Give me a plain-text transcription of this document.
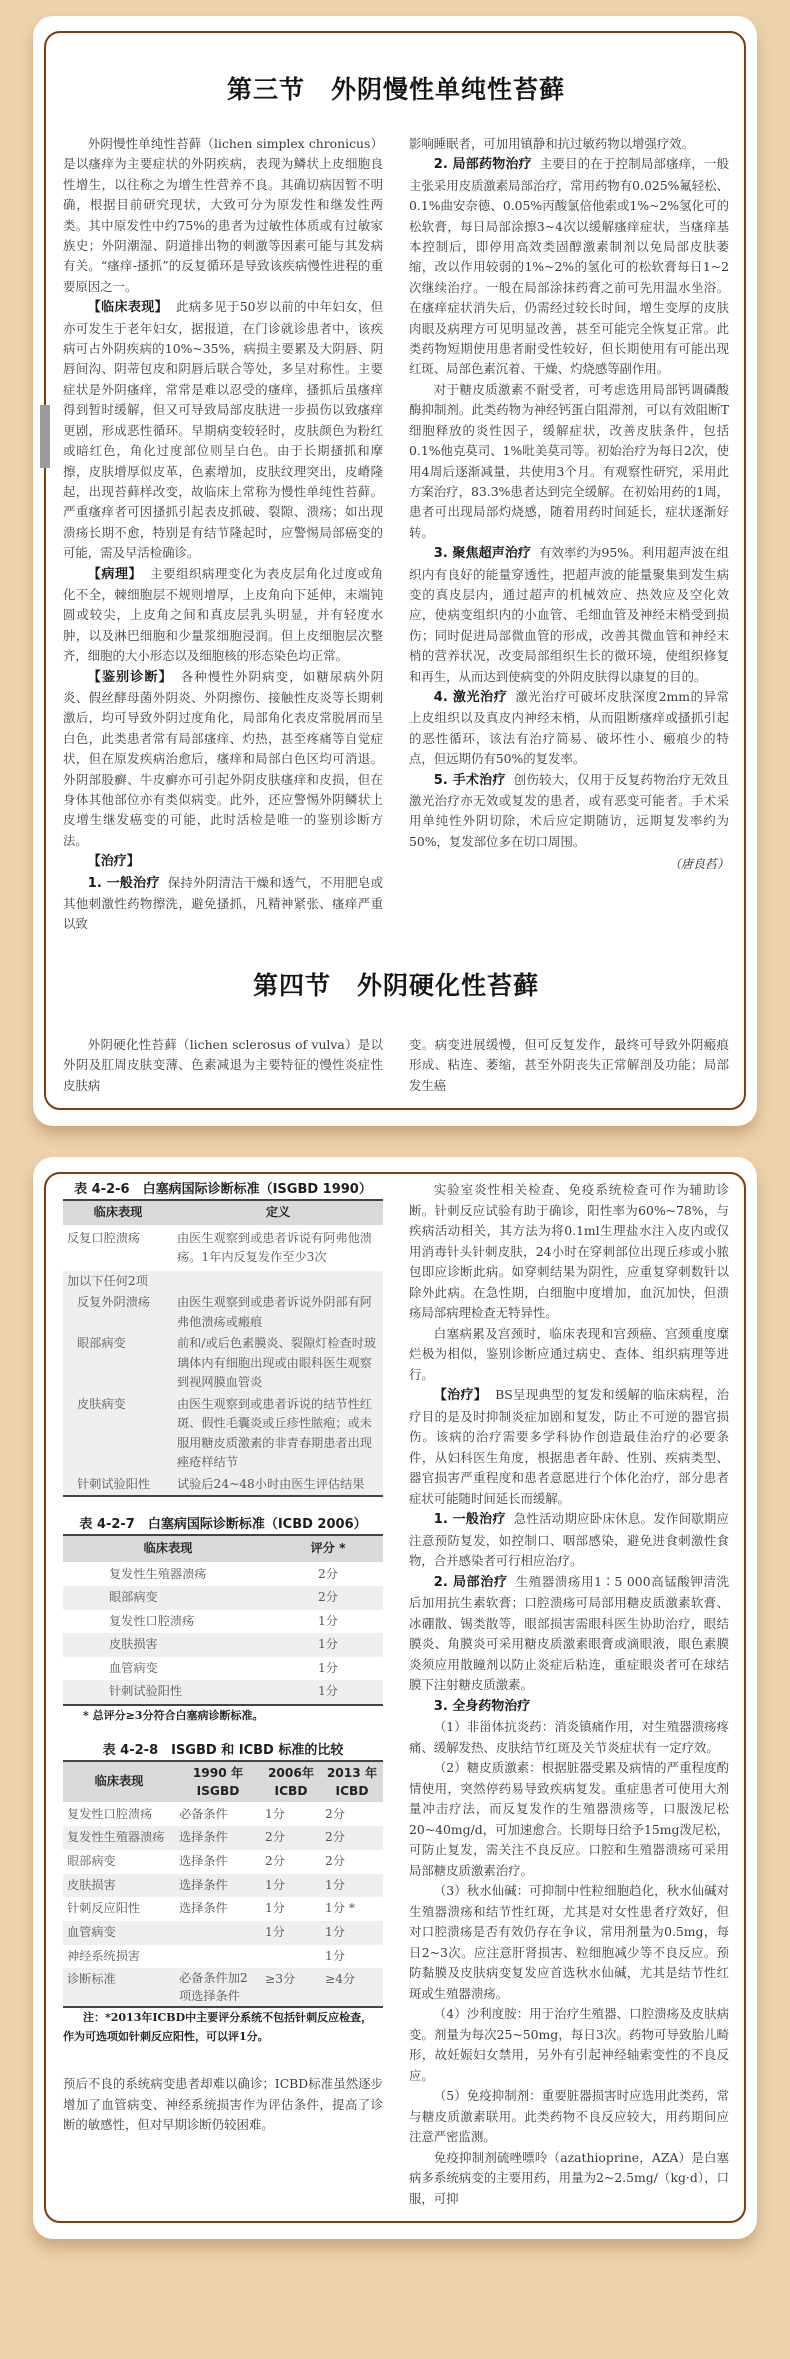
第三节 外阴慢性单纯性苔藓

外阴慢性单纯性苔藓（lichen simplex chronicus）是以瘙痒为主要症状的外阴疾病，表现为鳞状上皮细胞良性增生，以往称之为增生性营养不良。其确切病因暂不明确，根据目前研究现状，大致可分为原发性和继发性两类。其中原发性中约75%的患者为过敏性体质或有过敏家族史；外阴潮湿、阴道排出物的刺激等因素可能与其发病有关。“瘙痒-搔抓”的反复循环是导致该疾病慢性进程的重要原因之一。

【临床表现】 此病多见于50岁以前的中年妇女，但亦可发生于老年妇女，据报道，在门诊就诊患者中，该疾病可占外阴疾病的10%~35%，病损主要累及大阴唇、阴唇间沟、阴蒂包皮和阴唇后联合等处，多呈对称性。主要症状是外阴瘙痒，常常是难以忍受的瘙痒，搔抓后虽瘙痒得到暂时缓解，但又可导致局部皮肤进一步损伤以致瘙痒更剧，形成恶性循环。早期病变较轻时，皮肤颜色为粉红或暗红色，角化过度部位则呈白色。由于长期搔抓和摩擦，皮肤增厚似皮革，色素增加，皮肤纹理突出，皮嵴隆起，出现苔藓样改变，故临床上常称为慢性单纯性苔藓。严重瘙痒者可因搔抓引起表皮抓破、裂隙、溃疡；如出现溃疡长期不愈，特别是有结节隆起时，应警惕局部癌变的可能，需及早活检确诊。

【病理】 主要组织病理变化为表皮层角化过度或角化不全，棘细胞层不规则增厚，上皮角向下延伸，末端钝圆或较尖，上皮角之间和真皮层乳头明显，并有轻度水肿，以及淋巴细胞和少量浆细胞浸润。但上皮细胞层次整齐，细胞的大小形态以及细胞核的形态染色均正常。

【鉴别诊断】 各种慢性外阴病变，如糖尿病外阴炎、假丝酵母菌外阴炎、外阴擦伤、接触性皮炎等长期刺激后，均可导致外阴过度角化，局部角化表皮常脱屑而呈白色，此类患者常有局部瘙痒、灼热，甚至疼痛等自觉症状，但在原发疾病治愈后，瘙痒和局部白色区均可消退。外阴部股癣、牛皮癣亦可引起外阴皮肤瘙痒和皮损，但在身体其他部位亦有类似病变。此外，还应警惕外阴鳞状上皮增生继发癌变的可能，此时活检是唯一的鉴别诊断方法。

【治疗】

1. 一般治疗 保持外阴清洁干燥和透气，不用肥皂或其他刺激性药物擦洗，避免搔抓，凡精神紧张、瘙痒严重以致

影响睡眠者，可加用镇静和抗过敏药物以增强疗效。

2. 局部药物治疗 主要目的在于控制局部瘙痒，一般主张采用皮质激素局部治疗，常用药物有0.025%氟轻松、0.1%曲安奈德、0.05%丙酸氯倍他索或1%~2%氢化可的松软膏，每日局部涂擦3~4次以缓解瘙痒症状，当瘙痒基本控制后，即停用高效类固醇激素制剂以免局部皮肤萎缩，改以作用较弱的1%~2%的氢化可的松软膏每日1~2次继续治疗。一般在局部涂抹药膏之前可先用温水坐浴。在瘙痒症状消失后，仍需经过较长时间，增生变厚的皮肤肉眼及病理方可见明显改善，甚至可能完全恢复正常。此类药物短期使用患者耐受性较好，但长期使用有可能出现红斑、局部色素沉着、干燥、灼烧感等副作用。

对于糖皮质激素不耐受者，可考虑选用局部钙调磷酸酶抑制剂。此类药物为神经钙蛋白阻滞剂，可以有效阻断T细胞释放的炎性因子，缓解症状，改善皮肤条件，包括0.1%他克莫司、1%吡美莫司等。初始治疗为每日2次，使用4周后逐渐减量，共使用3个月。有观察性研究，采用此方案治疗，83.3%患者达到完全缓解。在初始用药的1周，患者可出现局部灼烧感，随着用药时间延长，症状逐渐好转。

3. 聚焦超声治疗 有效率约为95%。利用超声波在组织内有良好的能量穿透性，把超声波的能量聚集到发生病变的真皮层内，通过超声的机械效应、热效应及空化效应，使病变组织内的小血管、毛细血管及神经末梢受到损伤；同时促进局部微血管的形成，改善其微血管和神经末梢的营养状况，改变局部组织生长的微环境，使组织修复和再生，从而达到使病变的外阴皮肤得以康复的目的。

4. 激光治疗 激光治疗可破坏皮肤深度2mm的异常上皮组织以及真皮内神经末梢，从而阻断瘙痒或搔抓引起的恶性循环，该法有治疗简易、破坏性小、瘢痕少的特点，但远期仍有50%的复发率。

5. 手术治疗 创伤较大，仅用于反复药物治疗无效且激光治疗亦无效或复发的患者，或有恶变可能者。手术采用单纯性外阴切除，术后应定期随访，远期复发率约为50%，复发部位多在切口周围。

（唐良萏）
第四节 外阴硬化性苔藓

外阴硬化性苔藓（lichen sclerosus of vulva）是以外阴及肛周皮肤变薄、色素减退为主要特征的慢性炎症性皮肤病

变。病变进展缓慢，但可反复发作，最终可导致外阴瘢痕形成、粘连、萎缩，甚至外阴丧失正常解剖及功能；局部发生癌

表 4-2-6　白塞病国际诊断标准（ISGBD 1990）
临床表现	定义
反复口腔溃疡	由医生观察到或患者诉说有阿弗他溃疡。1年内反复发作至少3次
加以下任何2项	
反复外阴溃疡	由医生观察到或患者诉说外阴部有阿弗他溃疡或瘢痕
眼部病变	前和/或后色素膜炎、裂隙灯检查时玻璃体内有细胞出现或由眼科医生观察到视网膜血管炎
皮肤病变	由医生观察到或患者诉说的结节性红斑、假性毛囊炎或丘疹性脓疱；或未服用糖皮质激素的非青春期患者出现痤疮样结节
针刺试验阳性	试验后24~48小时由医生评估结果
表 4-2-7　白塞病国际诊断标准（ICBD 2006）
临床表现	评分 *
复发性生殖器溃疡	2分
眼部病变	2分
复发性口腔溃疡	1分
皮肤损害	1分
血管病变	1分
针刺试验阳性	1分
* 总评分≥3分符合白塞病诊断标准。
表 4-2-8　ISGBD 和 ICBD 标准的比较
临床表现	1990 年 ISGBD	2006年 ICBD	2013 年 ICBD
复发性口腔溃疡	必备条件	1分	2分
复发性生殖器溃疡	选择条件	2分	2分
眼部病变	选择条件	2分	2分
皮肤损害	选择条件	1分	1分
针刺反应阳性	选择条件	1分	1分 *
血管病变		1分	1分
神经系统损害			1分
诊断标准	必备条件加2项选择条件	≥3分	≥4分
注：*2013年ICBD中主要评分系统不包括针刺反应检查，作为可选项如针刺反应阳性，可以评1分。

预后不良的系统病变患者却难以确诊；ICBD标准虽然逐步增加了血管病变、神经系统损害作为评估条件，提高了诊断的敏感性，但对早期诊断仍较困难。

实验室炎性相关检查、免疫系统检查可作为辅助诊断。针刺反应试验有助于确诊，阳性率为60%~78%，与疾病活动相关，其方法为将0.1ml生理盐水注入皮内或仅用消毒针头针刺皮肤，24小时在穿刺部位出现丘疹或小脓包即应诊断此病。如穿刺结果为阴性，应重复穿刺数针以除外此病。在急性期，白细胞中度增加，血沉加快，但溃疡局部病理检查无特异性。

白塞病累及宫颈时，临床表现和宫颈癌、宫颈重度糜烂极为相似，鉴别诊断应通过病史、查体、组织病理等进行。

【治疗】 BS呈现典型的复发和缓解的临床病程，治疗目的是及时抑制炎症加剧和复发，防止不可逆的器官损伤。该病的治疗需要多学科协作创造最佳治疗的必要条件，从妇科医生角度，根据患者年龄、性别、疾病类型、器官损害严重程度和患者意愿进行个体化治疗，部分患者症状可能随时间延长而缓解。

1. 一般治疗 急性活动期应卧床休息。发作间歇期应注意预防复发，如控制口、咽部感染，避免进食刺激性食物，合并感染者可行相应治疗。

2. 局部治疗 生殖器溃疡用1∶5 000高锰酸钾清洗后加用抗生素软膏；口腔溃疡可局部用糖皮质激素软膏、冰硼散、锡类散等，眼部损害需眼科医生协助治疗，眼结膜炎、角膜炎可采用糖皮质激素眼膏或滴眼液，眼色素膜炎须应用散瞳剂以防止炎症后粘连，重症眼炎者可在球结膜下注射糖皮质激素。

3. 全身药物治疗

（1）非甾体抗炎药：消炎镇痛作用，对生殖器溃疡疼痛、缓解发热、皮肤结节红斑及关节炎症状有一定疗效。

（2）糖皮质激素：根据脏器受累及病情的严重程度酌情使用，突然停药易导致疾病复发。重症患者可使用大剂量冲击疗法，而反复发作的生殖器溃疡等，口服泼尼松20~40mg/d，可加速愈合。长期每日给予15mg泼尼松，可防止复发，需关注不良反应。口腔和生殖器溃疡可采用局部糖皮质激素治疗。

（3）秋水仙碱：可抑制中性粒细胞趋化，秋水仙碱对生殖器溃疡和结节性红斑，尤其是对女性患者疗效好，但对口腔溃疡是否有效仍存在争议，常用剂量为0.5mg，每日2~3次。应注意肝肾损害、粒细胞减少等不良反应。预防黏膜及皮肤病变复发应首选秋水仙碱，尤其是结节性红斑或生殖器溃疡。

（4）沙利度胺：用于治疗生殖器、口腔溃疡及皮肤病变。剂量为每次25~50mg，每日3次。药物可导致胎儿畸形，故妊娠妇女禁用，另外有引起神经轴索变性的不良反应。

（5）免疫抑制剂：重要脏器损害时应选用此类药，常与糖皮质激素联用。此类药物不良反应较大，用药期间应注意严密监测。

免疫抑制剂硫唑嘌呤（azathioprine，AZA）是白塞病多系统病变的主要用药，用量为2~2.5mg/（kg·d），口服，可抑
